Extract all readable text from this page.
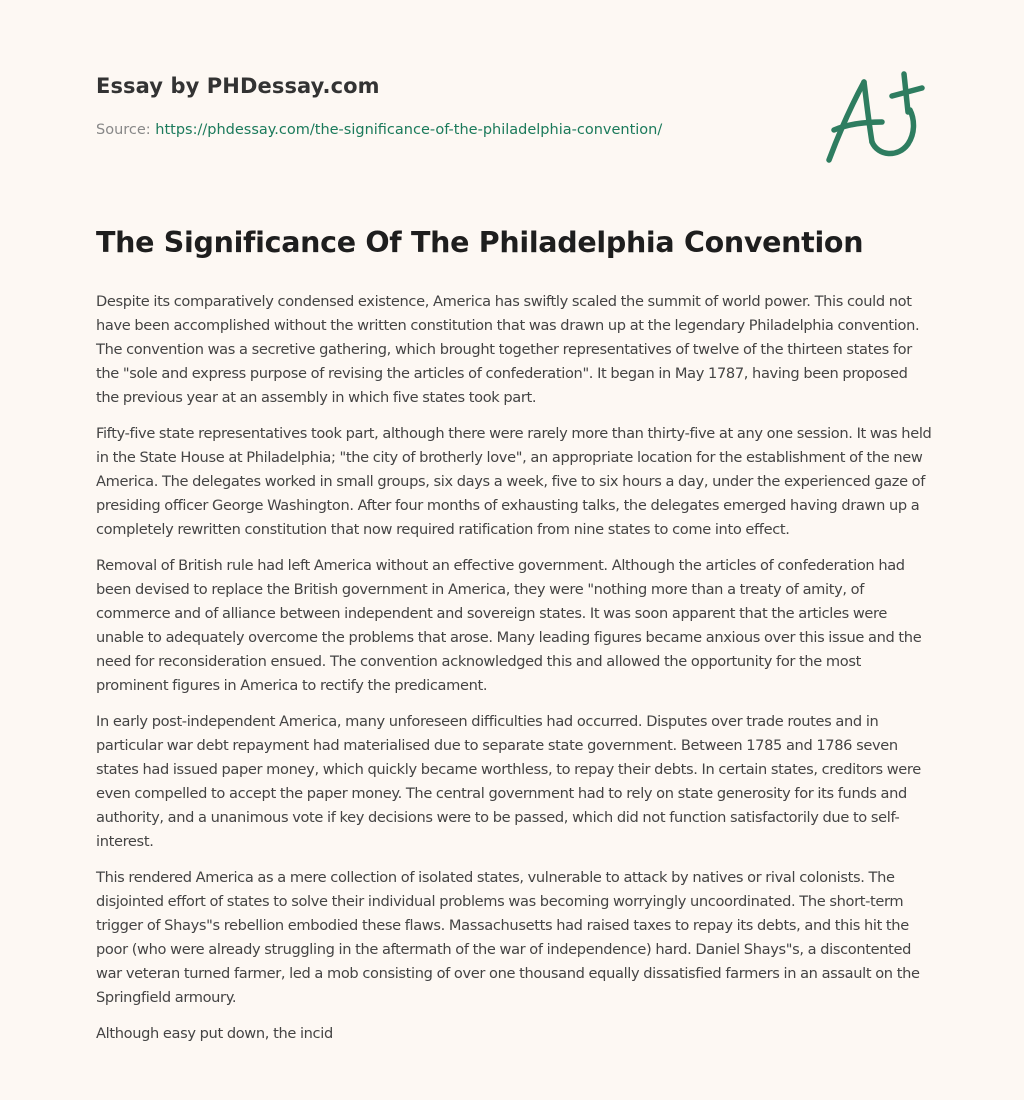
Essay by PHDessay.com
Source: https://phdessay.com/the-significance-of-the-philadelphia-convention/
The Significance Of The Philadelphia Convention

Despite its comparatively condensed existence, America has swiftly scaled the summit of world power. This could not have been accomplished without the written constitution that was drawn up at the legendary Philadelphia convention. The convention was a secretive gathering, which brought together representatives of twelve of the thirteen states for the "sole and express purpose of revising the articles of confederation". It began in May 1787, having been proposed the previous year at an assembly in which five states took part.

Fifty-five state representatives took part, although there were rarely more than thirty-five at any one session. It was held in the State House at Philadelphia; "the city of brotherly love", an appropriate location for the establishment of the new America. The delegates worked in small groups, six days a week, five to six hours a day, under the experienced gaze of presiding officer George Washington. After four months of exhausting talks, the delegates emerged having drawn up a completely rewritten constitution that now required ratification from nine states to come into effect.

Removal of British rule had left America without an effective government. Although the articles of confederation had been devised to replace the British government in America, they were "nothing more than a treaty of amity, of commerce and of alliance between independent and sovereign states. It was soon apparent that the articles were unable to adequately overcome the problems that arose. Many leading figures became anxious over this issue and the need for reconsideration ensued. The convention acknowledged this and allowed the opportunity for the most prominent figures in America to rectify the predicament.

In early post-independent America, many unforeseen difficulties had occurred. Disputes over trade routes and in particular war debt repayment had materialised due to separate state government. Between 1785 and 1786 seven states had issued paper money, which quickly became worthless, to repay their debts. In certain states, creditors were even compelled to accept the paper money. The central government had to rely on state generosity for its funds and authority, and a unanimous vote if key decisions were to be passed, which did not function satisfactorily due to self-interest.

This rendered America as a mere collection of isolated states, vulnerable to attack by natives or rival colonists. The disjointed effort of states to solve their individual problems was becoming worryingly uncoordinated. The short-term trigger of Shays"s rebellion embodied these flaws. Massachusetts had raised taxes to repay its debts, and this hit the poor (who were already struggling in the aftermath of the war of independence) hard. Daniel Shays"s, a discontented war veteran turned farmer, led a mob consisting of over one thousand equally dissatisfied farmers in an assault on the Springfield armoury.

Although easy put down, the incid
